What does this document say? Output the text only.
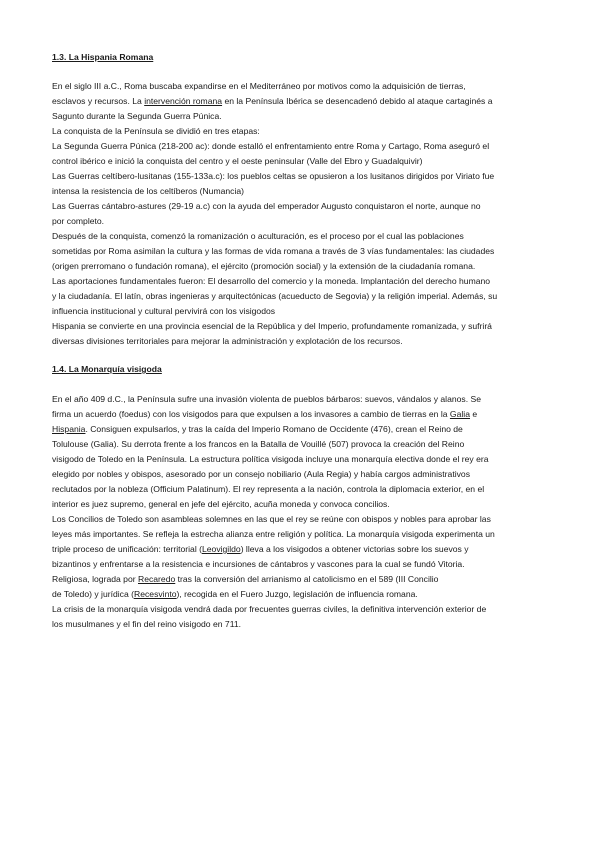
1.3. La Hispania Romana
En el siglo III a.C., Roma buscaba expandirse en el Mediterráneo por motivos como la adquisición de tierras,
esclavos y recursos. La intervención romana en la Península Ibérica se desencadenó debido al ataque cartaginés a
Sagunto durante la Segunda Guerra Púnica.
La conquista de la Península se dividió en tres etapas:
La Segunda Guerra Púnica (218-200 ac): donde estalló el enfrentamiento entre Roma y Cartago, Roma aseguró el
control ibérico e inició la conquista del centro y el oeste peninsular (Valle del Ebro y Guadalquivir)
Las Guerras celtíbero-lusitanas (155-133a.c): los pueblos celtas se opusieron a los lusitanos dirigidos por Viriato fue
intensa la resistencia de los celtíberos (Numancia)
Las Guerras cántabro-astures (29-19 a.c) con la ayuda del emperador Augusto conquistaron el norte, aunque no
por completo.
Después de la conquista, comenzó la romanización o aculturación, es el proceso por el cual las poblaciones
sometidas por Roma asimilan la cultura y las formas de vida romana a través de 3 vías fundamentales: las ciudades
(origen prerromano o fundación romana), el ejército (promoción social) y la extensión de la ciudadanía romana.
Las aportaciones fundamentales fueron: El desarrollo del comercio y la moneda. Implantación del derecho humano
y la ciudadanía. El latín, obras ingenieras y arquitectónicas (acueducto de Segovia) y la religión imperial. Además, su
influencia institucional y cultural pervivirá con los visigodos
Hispania se convierte en una provincia esencial de la República y del Imperio, profundamente romanizada, y sufrirá
diversas divisiones territoriales para mejorar la administración y explotación de los recursos.
1.4. La Monarquía visigoda
En el año 409 d.C., la Península sufre una invasión violenta de pueblos bárbaros: suevos, vándalos y alanos. Se
firma un acuerdo (foedus) con los visigodos para que expulsen a los invasores a cambio de tierras en la Galia e
Hispania. Consiguen expulsarlos, y tras la caída del Imperio Romano de Occidente (476), crean el Reino de
Tolulouse (Galia). Su derrota frente a los francos en la Batalla de Vouillé (507) provoca la creación del Reino
visigodo de Toledo en la Península. La estructura política visigoda incluye una monarquía electiva donde el rey era
elegido por nobles y obispos, asesorado por un consejo nobiliario (Aula Regia) y había cargos administrativos
reclutados por la nobleza (Officium Palatinum). El rey representa a la nación, controla la diplomacia exterior, en el
interior es juez supremo, general en jefe del ejército, acuña moneda y convoca concilios.
Los Concilios de Toledo son asambleas solemnes en las que el rey se reúne con obispos y nobles para aprobar las
leyes más importantes. Se refleja la estrecha alianza entre religión y política. La monarquía visigoda experimenta un
triple proceso de unificación: territorial (Leovigildo) lleva a los visigodos a obtener victorias sobre los suevos y
bizantinos y enfrentarse a la resistencia e incursiones de cántabros y vascones para la cual se fundó Vitoria.
Religiosa, lograda por Recaredo tras la conversión del arrianismo al catolicismo en el 589 (III Concilio
de Toledo) y jurídica (Recesvinto), recogida en el Fuero Juzgo, legislación de influencia romana.
La crisis de la monarquía visigoda vendrá dada por frecuentes guerras civiles, la definitiva intervención exterior de
los musulmanes y el fin del reino visigodo en 711.
